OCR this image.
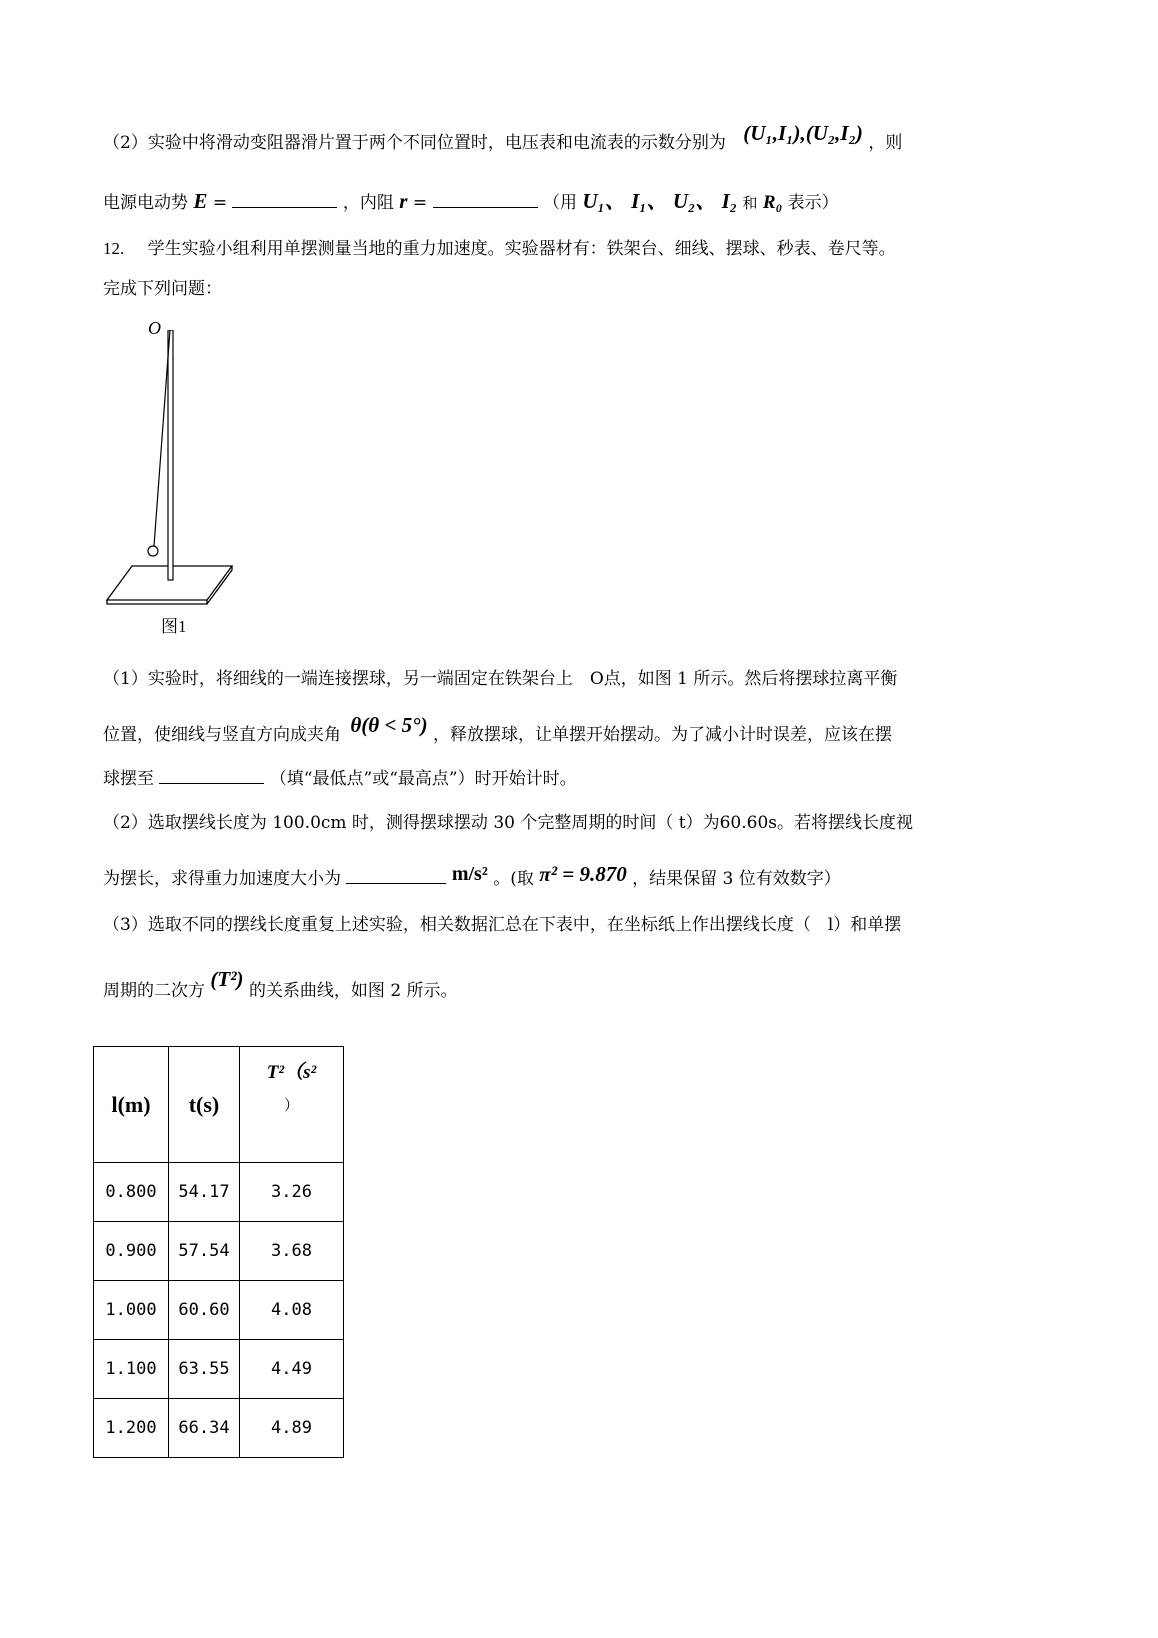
（2）实验中将滑动变阻器滑片置于两个不同位置时，电压表和电流表的示数分别为 (U₁,I₁),(U₂,I₂) ，则
电源电动势 E =	，内阻 r =	（用 U₁、 I₁、 U₂、 I₂ 和 R₀ 表示）
12. 学生实验小组利用单摆测量当地的重力加速度。实验器材有：铁架台、细线、摆球、秒表、卷尺等。
完成下列问题：
O
图1
（1）实验时，将细线的一端连接摆球，另一端固定在铁架台上　O点，如图 1 所示。然后将摆球拉离平衡
位置，使细线与竖直方向成夹角 θ(θ < 5°) ，释放摆球，让单摆开始摆动。为了减小计时误差，应该在摆
球摆至	（填“最低点”或“最高点”）时开始计时。
（2）选取摆线长度为 100.0cm 时，测得摆球摆动 30 个完整周期的时间（ t）为60.60s。若将摆线长度视
为摆长，求得重力加速度大小为	m/s² 。(取 π² = 9.870 ，结果保留 3 位有效数字）
（3）选取不同的摆线长度重复上述实验，相关数据汇总在下表中，在坐标纸上作出摆线长度（　l）和单摆
周期的二次方 (T²) 的关系曲线，如图 2 所示。
l(m)	t(s)	T²（s²
）

0.800	54.17	3.26
0.900	57.54	3.68
1.000	60.60	4.08
1.100	63.55	4.49
1.200	66.34	4.89
